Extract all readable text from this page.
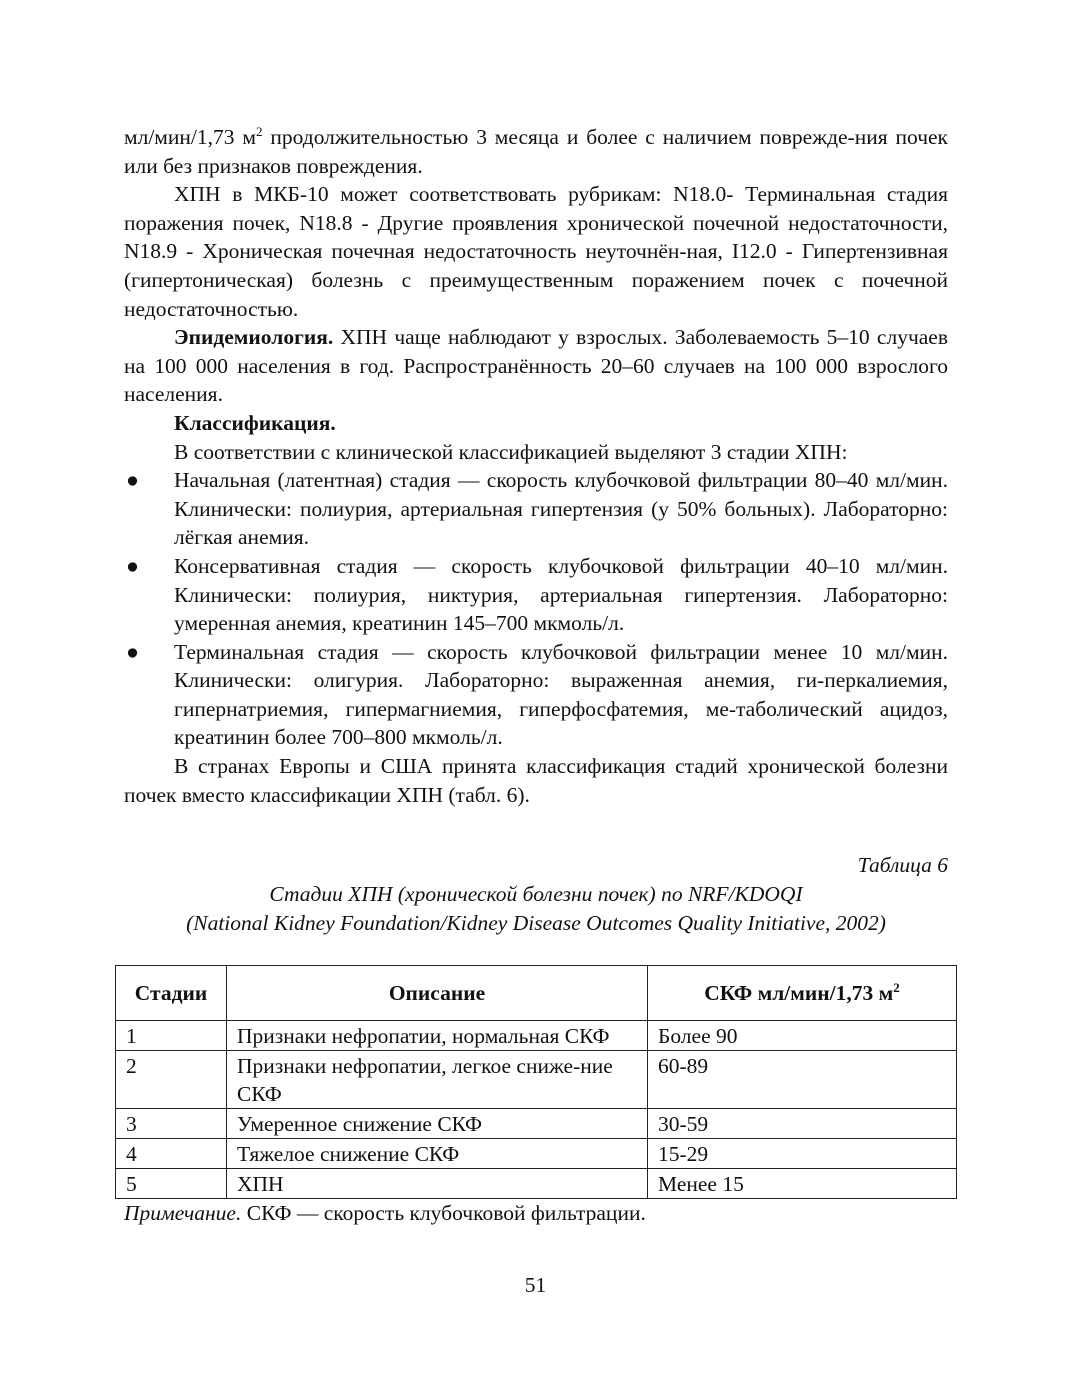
мл/мин/1,73 $м^2$ продолжительностью 3 месяца и более с наличием поврежде-ния почек или без признаков повреждения.

ХПН в МКБ-10 может соответствовать рубрикам: N18.0- Терминальная стадия поражения почек, N18.8 - Другие проявления хронической почечной недостаточности, N18.9 - Хроническая почечная недостаточность неуточнён-ная, I12.0 - Гипертензивная (гипертоническая) болезнь с преимущественным поражением почек с почечной недостаточностью.

Эпидемиология. ХПН чаще наблюдают у взрослых. Заболеваемость 5–10 случаев на 100 000 населения в год. Распространённость 20–60 случаев на 100 000 взрослого населения.

Классификация.

В соответствии с клинической классификацией выделяют 3 стадии ХПН:

● Начальная (латентная) стадия — скорость клубочковой фильтрации 80–40 мл/мин. Клинически: полиурия, артериальная гипертензия (у 50% больных). Лабораторно: лёгкая анемия.
● Консервативная стадия — скорость клубочковой фильтрации 40–10 мл/мин. Клинически: полиурия, никтурия, артериальная гипертензия. Лабораторно: умеренная анемия, креатинин 145–700 мкмоль/л.
● Терминальная стадия — скорость клубочковой фильтрации менее 10 мл/мин. Клинически: олигурия. Лабораторно: выраженная анемия, ги-перкалиемия, гипернатриемия, гипермагниемия, гиперфосфатемия, ме-таболический ацидоз, креатинин более 700–800 мкмоль/л.

В странах Европы и США принята классификация стадий хронической болезни почек вместо классификации ХПН (табл. 6).

Таблица 6
Стадии ХПН (хронической болезни почек) по NRF/KDOQI
(National Kidney Foundation/Kidney Disease Outcomes Quality Initiative, 2002)
Стадии	Описание	СКФ мл/мин/1,73 $м^2$
1	Признаки нефропатии, нормальная СКФ	Более 90
2	Признаки нефропатии, легкое сниже-ние СКФ	60-89
3	Умеренное снижение СКФ	30-59
4	Тяжелое снижение СКФ	15-29
5	ХПН	Менее 15
Примечание. СКФ — скорость клубочковой фильтрации.
51
